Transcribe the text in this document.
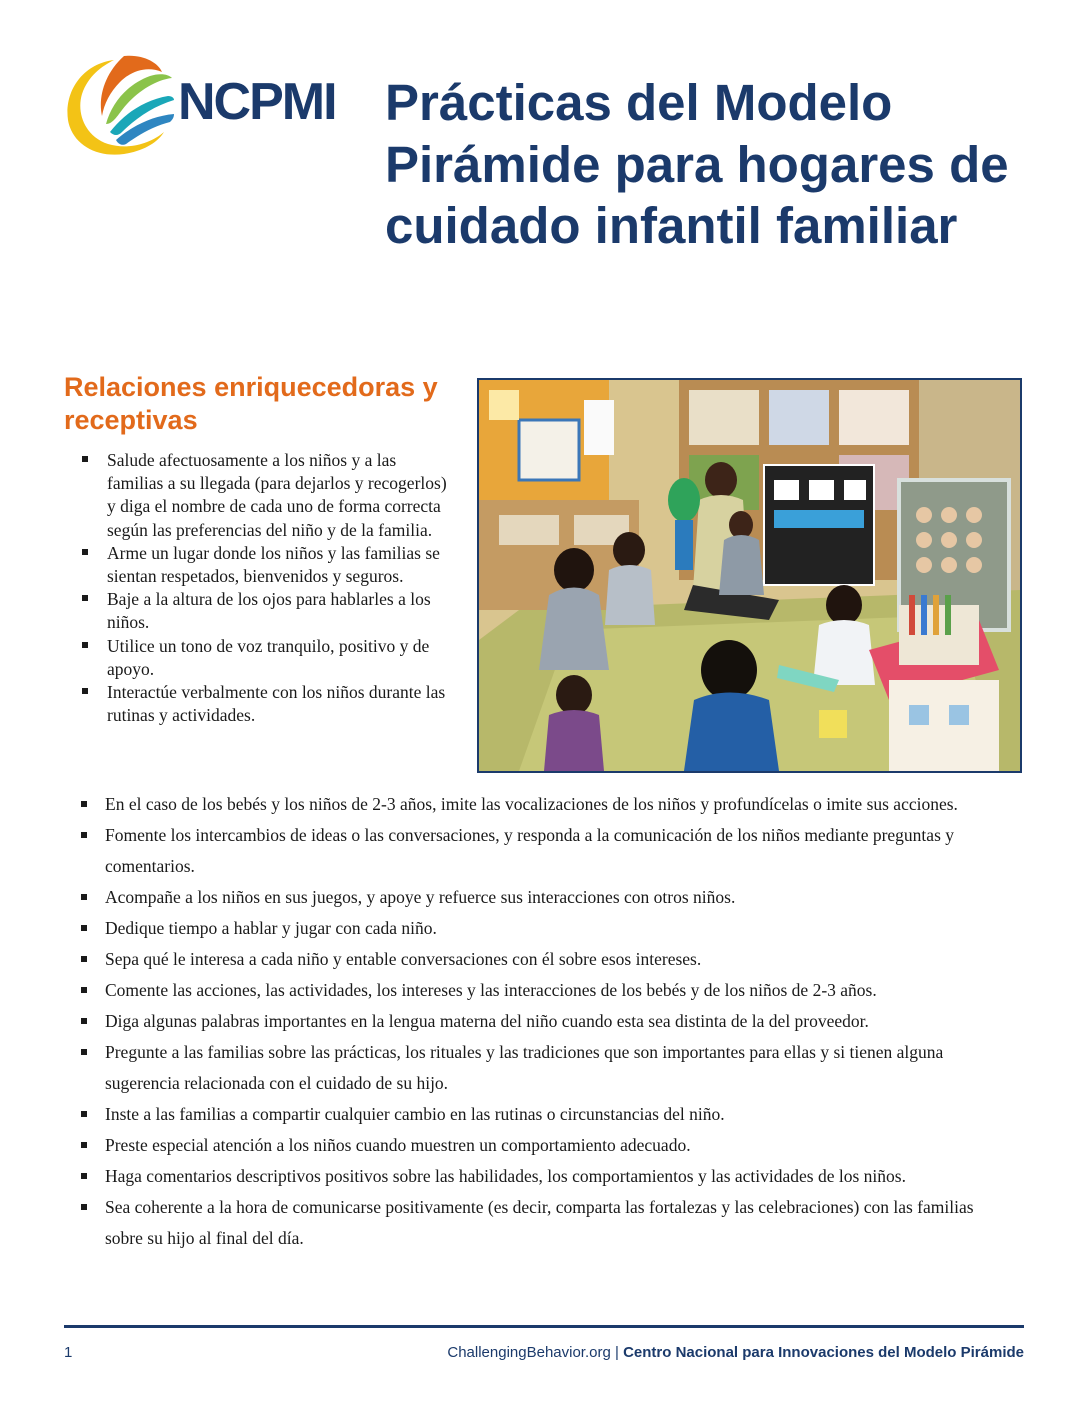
NCPMI Prácticas del Modelo Pirámide para hogares de cuidado infantil familiar
Relaciones enriquecedoras y receptivas
Salude afectuosamente a los niños y a las familias a su llegada (para dejarlos y recogerlos) y diga el nombre de cada uno de forma correcta según las preferencias del niño y de la familia.
Arme un lugar donde los niños y las familias se sientan respetados, bienvenidos y seguros.
Baje a la altura de los ojos para hablarles a los niños.
Utilice un tono de voz tranquilo, positivo y de apoyo.
Interactúe verbalmente con los niños durante las rutinas y actividades.
En el caso de los bebés y los niños de 2-3 años, imite las vocalizaciones de los niños y profundícelas o imite sus acciones.
Fomente los intercambios de ideas o las conversaciones, y responda a la comunicación de los niños mediante preguntas y comentarios.
Acompañe a los niños en sus juegos, y apoye y refuerce sus interacciones con otros niños.
Dedique tiempo a hablar y jugar con cada niño.
Sepa qué le interesa a cada niño y entable conversaciones con él sobre esos intereses.
Comente las acciones, las actividades, los intereses y las interacciones de los bebés y de los niños de 2-3 años.
Diga algunas palabras importantes en la lengua materna del niño cuando esta sea distinta de la del proveedor.
Pregunte a las familias sobre las prácticas, los rituales y las tradiciones que son importantes para ellas y si tienen alguna sugerencia relacionada con el cuidado de su hijo.
Inste a las familias a compartir cualquier cambio en las rutinas o circunstancias del niño.
Preste especial atención a los niños cuando muestren un comportamiento adecuado.
Haga comentarios descriptivos positivos sobre las habilidades, los comportamientos y las actividades de los niños.
Sea coherente a la hora de comunicarse positivamente (es decir, comparta las fortalezas y las celebraciones) con las familias sobre su hijo al final del día.
1	ChallengingBehavior.org | Centro Nacional para Innovaciones del Modelo Pirámide
